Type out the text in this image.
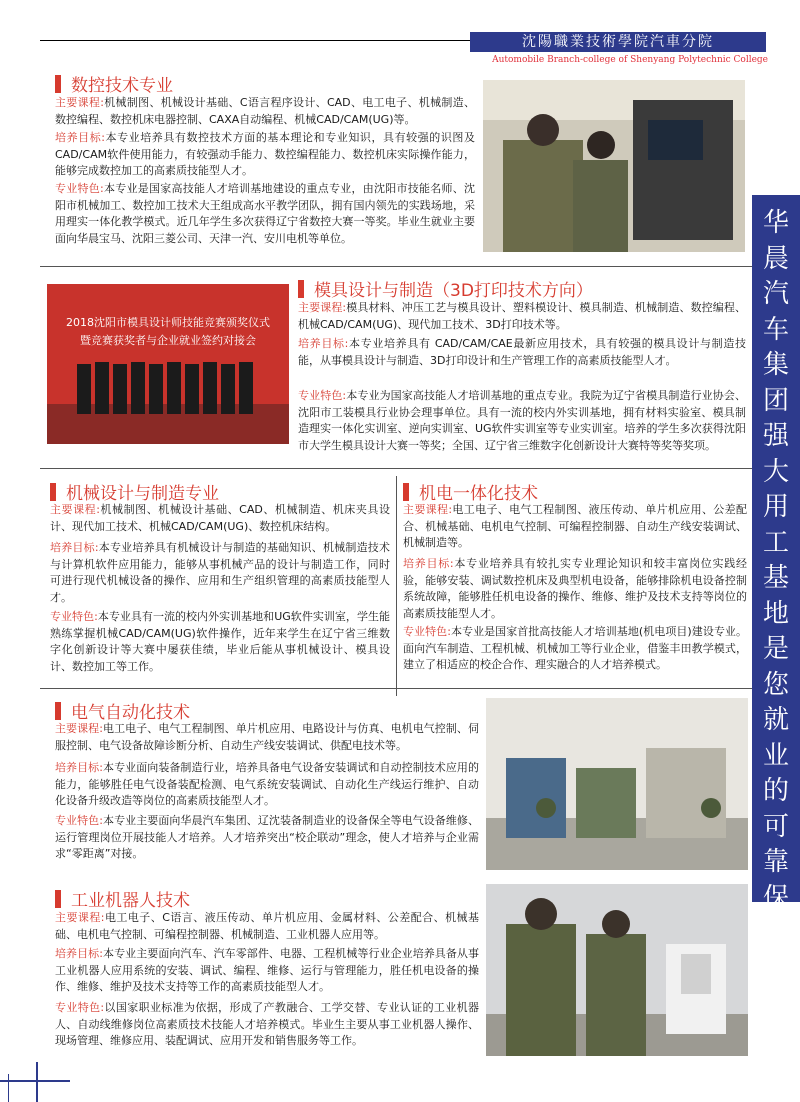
沈陽職業技術學院汽車分院
Automobile Branch-college of Shenyang Polytechnic College
华
晨
汽
车
集
团
强
大
用
工
基
地
是
您
就
业
的
可
靠
保
障
数控技术专业
主要课程:机械制图、机械设计基础、C语言程序设计、CAD、电工电子、机械制造、数控编程、数控机床电器控制、CAXA自动编程、机械CAD/CAM(UG)等。
培养目标:本专业培养具有数控技术方面的基本理论和专业知识，具有较强的识图及CAD/CAM软件使用能力，有较强动手能力、数控编程能力、数控机床实际操作能力，能够完成数控加工的高素质技能型人才。
专业特色:本专业是国家高技能人才培训基地建设的重点专业，由沈阳市技能名师、沈阳市机械加工、数控加工技术大王组成高水平教学团队，拥有国内领先的实践场地，采用理实一体化教学模式。近几年学生多次获得辽宁省数控大赛一等奖。毕业生就业主要面向华晨宝马、沈阳三菱公司、天津一汽、安川电机等单位。
2018沈阳市模具设计师技能竞赛颁奖仪式
暨竞赛获奖者与企业就业签约对接会
模具设计与制造（3D打印技术方向）
主要课程:模具材料、冲压工艺与模具设计、塑料模设计、模具制造、机械制造、数控编程、机械CAD/CAM(UG)、现代加工技术、3D打印技术等。
培养目标:本专业培养具有 CAD/CAM/CAE最新应用技术，具有较强的模具设计与制造技能，从事模具设计与制造、3D打印设计和生产管理工作的高素质技能型人才。
专业特色:本专业为国家高技能人才培训基地的重点专业。我院为辽宁省模具制造行业协会、沈阳市工装模具行业协会理事单位。具有一流的校内外实训基地，拥有材料实验室、模具制造理实一体化实训室、逆向实训室、UG软件实训室等专业实训室。培养的学生多次获得沈阳市大学生模具设计大赛一等奖；全国、辽宁省三维数字化创新设计大赛特等奖等奖项。
机械设计与制造专业
主要课程:机械制图、机械设计基础、CAD、机械制造、机床夹具设计、现代加工技术、机械CAD/CAM(UG)、数控机床结构。
培养目标:本专业培养具有机械设计与制造的基础知识、机械制造技术与计算机软件应用能力，能够从事机械产品的设计与制造工作，同时可进行现代机械设备的操作、应用和生产组织管理的高素质技能型人才。
专业特色:本专业具有一流的校内外实训基地和UG软件实训室，学生能熟练掌握机械CAD/CAM(UG)软件操作，近年来学生在辽宁省三维数字化创新设计等大赛中屡获佳绩，毕业后能从事机械设计、模具设计、数控加工等工作。
机电一体化技术
主要课程:电工电子、电气工程制图、液压传动、单片机应用、公差配合、机械基础、电机电气控制、可编程控制器、自动生产线安装调试、机械制造等。
培养目标:本专业培养具有较扎实专业理论知识和较丰富岗位实践经验，能够安装、调试数控机床及典型机电设备，能够排除机电设备控制系统故障，能够胜任机电设备的操作、维修、维护及技术支持等岗位的高素质技能型人才。
专业特色:本专业是国家首批高技能人才培训基地(机电项目)建设专业。面向汽车制造、工程机械、机械加工等行业企业，借鉴丰田教学模式，建立了相适应的校企合作、理实融合的人才培养模式。
电气自动化技术
主要课程:电工电子、电气工程制图、单片机应用、电路设计与仿真、电机电气控制、伺服控制、电气设备故障诊断分析、自动生产线安装调试、供配电技术等。
培养目标:本专业面向装备制造行业，培养具备电气设备安装调试和自动控制技术应用的能力，能够胜任电气设备装配检测、电气系统安装调试、自动化生产线运行维护、自动化设备升级改造等岗位的高素质技能型人才。
专业特色:本专业主要面向华晨汽车集团、辽沈装备制造业的设备保全等电气设备维修、运行管理岗位开展技能人才培养。人才培养突出“校企联动”理念，使人才培养与企业需求“零距离”对接。
工业机器人技术
主要课程:电工电子、C语言、液压传动、单片机应用、金属材料、公差配合、机械基础、电机电气控制、可编程控制器、机械制造、工业机器人应用等。
培养目标:本专业主要面向汽车、汽车零部件、电器、工程机械等行业企业培养具备从事工业机器人应用系统的安装、调试、编程、维修、运行与管理能力，胜任机电设备的操作、维修、维护及技术支持等工作的高素质技能型人才。
专业特色:以国家职业标准为依据，形成了产教融合、工学交替、专业认证的工业机器人、自动线维修岗位高素质技术技能人才培养模式。毕业生主要从事工业机器人操作、现场管理、维修应用、装配调试、应用开发和销售服务等工作。
